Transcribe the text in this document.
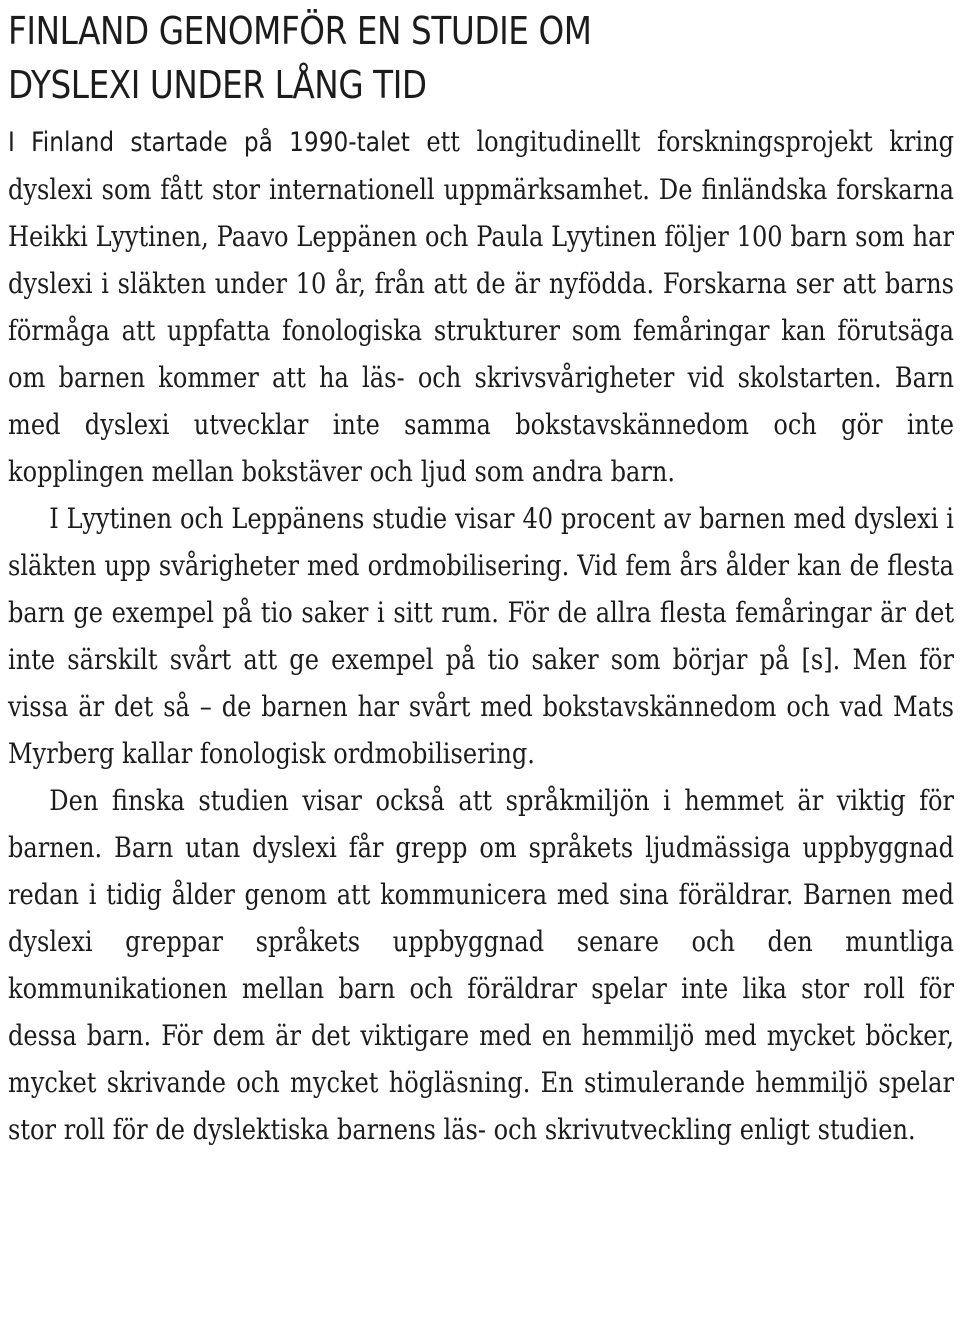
FINLAND GENOMFÖR EN STUDIE OM
DYSLEXI UNDER LÅNG TID

I Finland startade på 1990-talet ett longitudinellt forskningsprojekt kring dyslexi som fått stor internationell uppmärksamhet. De finländska forskarna Heikki Lyytinen, Paavo Leppänen och Paula Lyytinen följer 100 barn som har dyslexi i släkten under 10 år, från att de är nyfödda. Forskarna ser att barns förmåga att uppfatta fonologiska strukturer som femåringar kan förutsäga om barnen kommer att ha läs- och skrivsvårigheter vid skolstarten. Barn med dyslexi utvecklar inte samma bokstavskännedom och gör inte kopplingen mellan bokstäver och ljud som andra barn.

I Lyytinen och Leppänens studie visar 40 procent av barnen med dyslexi i släkten upp svårigheter med ordmobilisering. Vid fem års ålder kan de flesta barn ge exempel på tio saker i sitt rum. För de allra flesta femåringar är det inte särskilt svårt att ge exempel på tio saker som börjar på [s]. Men för vissa är det så – de barnen har svårt med bokstavskännedom och vad Mats Myrberg kallar fonologisk ordmobilisering.

Den finska studien visar också att språkmiljön i hemmet är viktig för barnen. Barn utan dyslexi får grepp om språkets ljudmässiga uppbyggnad redan i tidig ålder genom att kommunicera med sina föräldrar. Barnen med dyslexi greppar språkets uppbyggnad senare och den muntliga kommunikationen mellan barn och föräldrar spelar inte lika stor roll för dessa barn. För dem är det viktigare med en hemmiljö med mycket böcker, mycket skrivande och mycket högläsning. En stimulerande hemmiljö spelar stor roll för de dyslektiska barnens läs- och skrivutveckling enligt studien.
